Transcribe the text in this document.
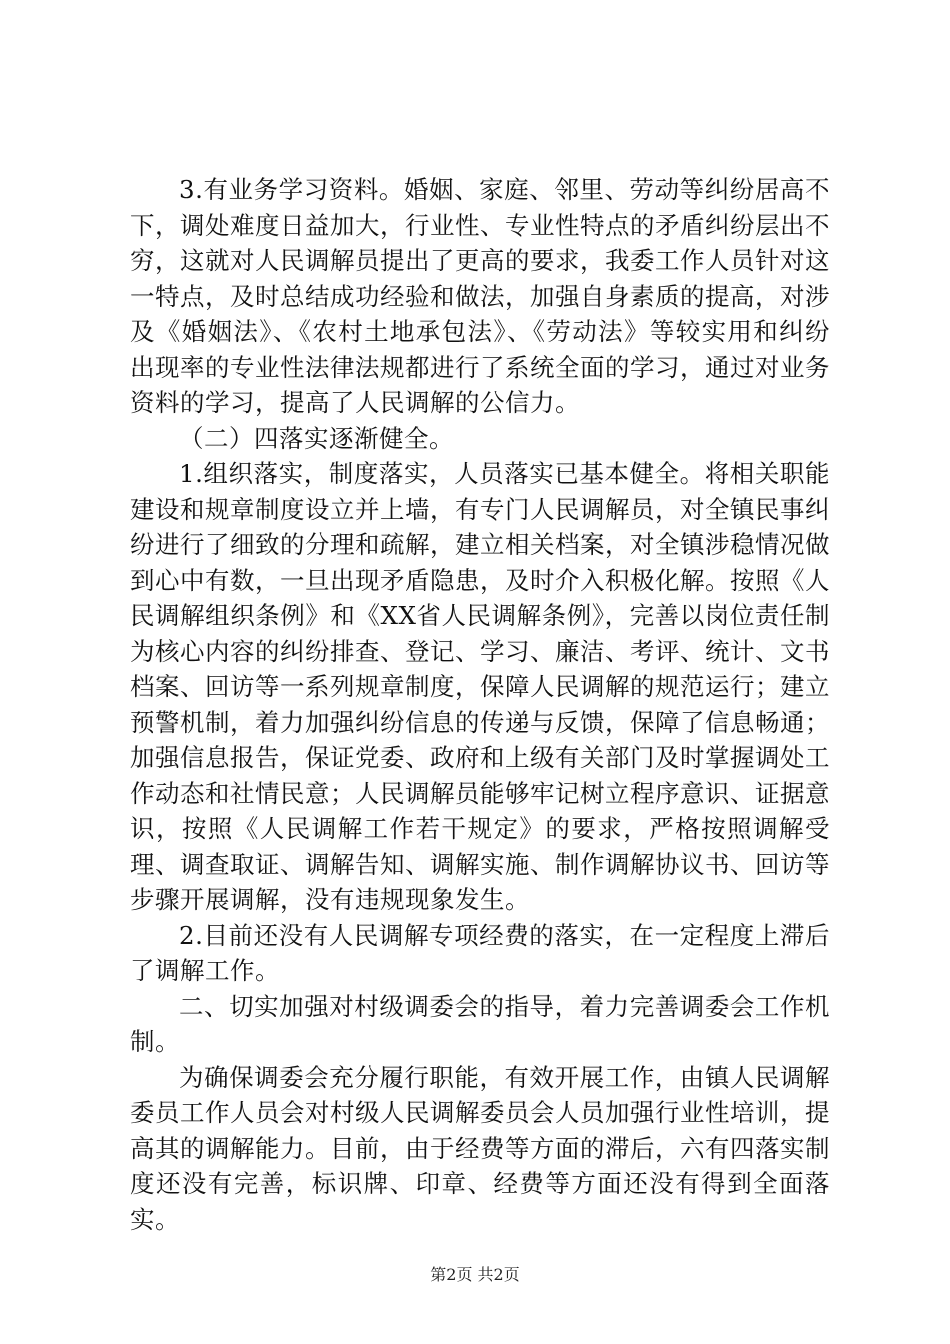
3.有业务学习资料。婚姻、家庭、邻里、劳动等纠纷居高不下，调处难度日益加大，行业性、专业性特点的矛盾纠纷层出不穷，这就对人民调解员提出了更高的要求，我委工作人员针对这一特点，及时总结成功经验和做法，加强自身素质的提高，对涉及《婚姻法》、《农村土地承包法》、《劳动法》等较实用和纠纷出现率的专业性法律法规都进行了系统全面的学习，通过对业务资料的学习，提高了人民调解的公信力。

（二）四落实逐渐健全。

1.组织落实，制度落实，人员落实已基本健全。将相关职能建设和规章制度设立并上墙，有专门人民调解员，对全镇民事纠纷进行了细致的分理和疏解，建立相关档案，对全镇涉稳情况做到心中有数，一旦出现矛盾隐患，及时介入积极化解。按照《人民调解组织条例》和《XX省人民调解条例》，完善以岗位责任制为核心内容的纠纷排查、登记、学习、廉洁、考评、统计、文书档案、回访等一系列规章制度，保障人民调解的规范运行；建立预警机制，着力加强纠纷信息的传递与反馈，保障了信息畅通；加强信息报告，保证党委、政府和上级有关部门及时掌握调处工作动态和社情民意；人民调解员能够牢记树立程序意识、证据意识，按照《人民调解工作若干规定》的要求，严格按照调解受理、调查取证、调解告知、调解实施、制作调解协议书、回访等步骤开展调解，没有违规现象发生。

2.目前还没有人民调解专项经费的落实，在一定程度上滞后了调解工作。

二、切实加强对村级调委会的指导，着力完善调委会工作机制。

为确保调委会充分履行职能，有效开展工作，由镇人民调解委员工作人员会对村级人民调解委员会人员加强行业性培训，提高其的调解能力。目前，由于经费等方面的滞后，六有四落实制度还没有完善，标识牌、印章、经费等方面还没有得到全面落实。

第2页 共2页
